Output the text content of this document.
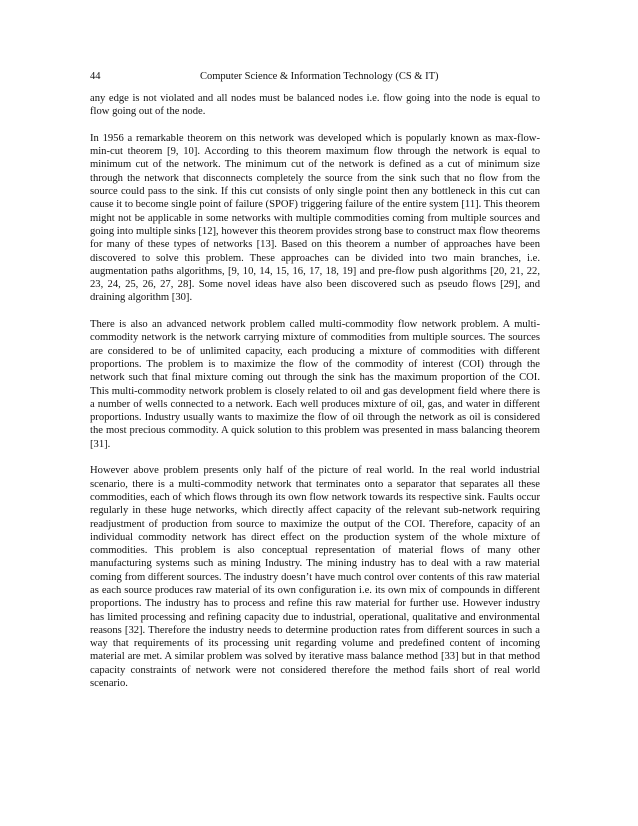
44	Computer Science & Information Technology (CS & IT)

any edge is not violated and all nodes must be balanced nodes i.e. flow going into the node is equal to flow going out of the node.

In 1956 a remarkable theorem on this network was developed which is popularly known as max-flow-min-cut theorem [9, 10]. According to this theorem maximum flow through the network is equal to minimum cut of the network. The minimum cut of the network is defined as a cut of minimum size through the network that disconnects completely the source from the sink such that no flow from the source could pass to the sink. If this cut consists of only single point then any bottleneck in this cut can cause it to become single point of failure (SPOF) triggering failure of the entire system [11]. This theorem might not be applicable in some networks with multiple commodities coming from multiple sources and going into multiple sinks [12], however this theorem provides strong base to construct max flow theorems for many of these types of networks [13]. Based on this theorem a number of approaches have been discovered to solve this problem. These approaches can be divided into two main branches, i.e. augmentation paths algorithms, [9, 10, 14, 15, 16, 17, 18, 19] and pre-flow push algorithms [20, 21, 22, 23, 24, 25, 26, 27, 28]. Some novel ideas have also been discovered such as pseudo flows [29], and draining algorithm [30].

There is also an advanced network problem called multi-commodity flow network problem. A multi-commodity network is the network carrying mixture of commodities from multiple sources. The sources are considered to be of unlimited capacity, each producing a mixture of commodities with different proportions. The problem is to maximize the flow of the commodity of interest (COI) through the network such that final mixture coming out through the sink has the maximum proportion of the COI. This multi-commodity network problem is closely related to oil and gas development field where there is a number of wells connected to a network. Each well produces mixture of oil, gas, and water in different proportions. Industry usually wants to maximize the flow of oil through the network as oil is considered the most precious commodity. A quick solution to this problem was presented in mass balancing theorem [31].

However above problem presents only half of the picture of real world. In the real world industrial scenario, there is a multi-commodity network that terminates onto a separator that separates all these commodities, each of which flows through its own flow network towards its respective sink. Faults occur regularly in these huge networks, which directly affect capacity of the relevant sub-network requiring readjustment of production from source to maximize the output of the COI. Therefore, capacity of an individual commodity network has direct effect on the production system of the whole mixture of commodities. This problem is also conceptual representation of material flows of many other manufacturing systems such as mining Industry. The mining industry has to deal with a raw material coming from different sources. The industry doesn’t have much control over contents of this raw material as each source produces raw material of its own configuration i.e. its own mix of compounds in different proportions. The industry has to process and refine this raw material for further use. However industry has limited processing and refining capacity due to industrial, operational, qualitative and environmental reasons [32]. Therefore the industry needs to determine production rates from different sources in such a way that requirements of its processing unit regarding volume and predefined content of incoming material are met. A similar problem was solved by iterative mass balance method [33] but in that method capacity constraints of network were not considered therefore the method fails short of real world scenario.
